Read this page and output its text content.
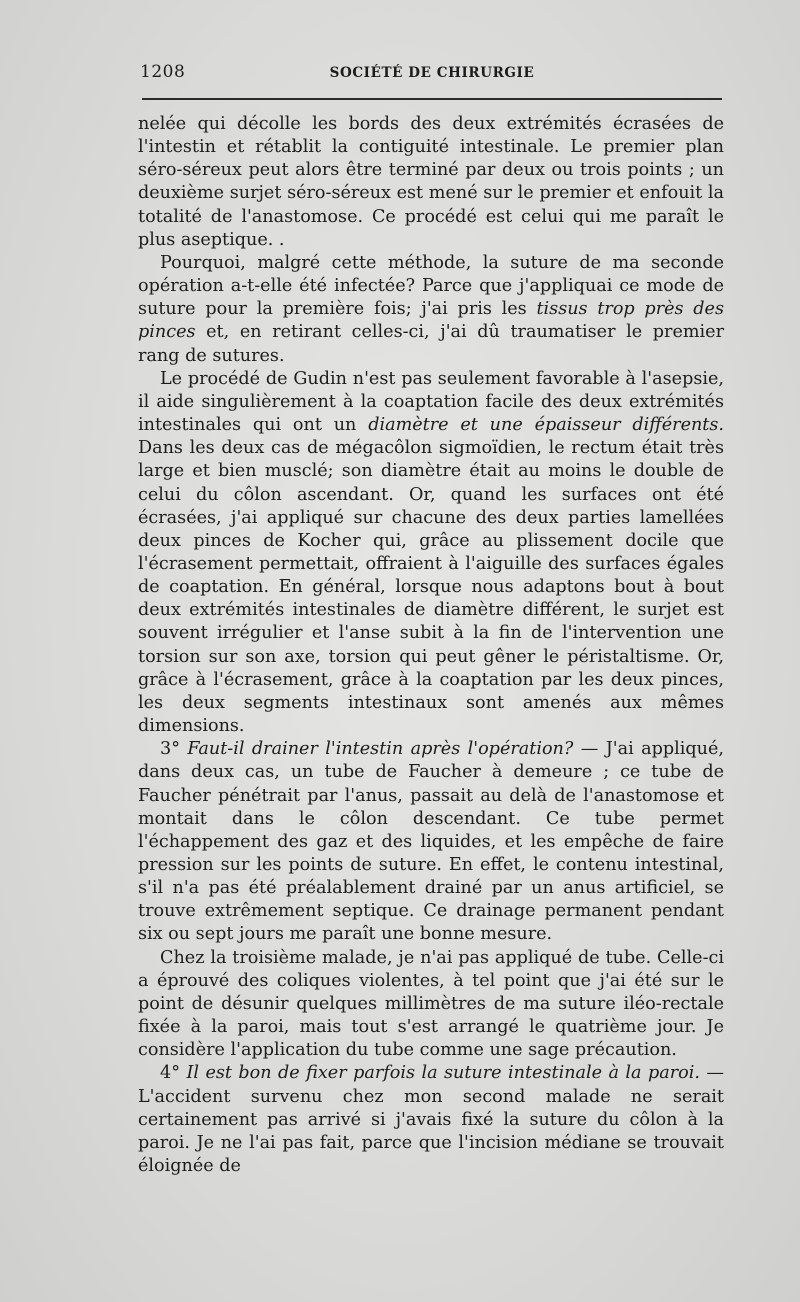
1208	SOCIÉTÉ DE CHIRURGIE

nelée qui décolle les bords des deux extrémités écrasées de l'intestin et rétablit la contiguité intestinale. Le premier plan séro-séreux peut alors être terminé par deux ou trois points ; un deuxième surjet séro-séreux est mené sur le premier et enfouit la totalité de l'anastomose. Ce procédé est celui qui me paraît le plus aseptique. .

Pourquoi, malgré cette méthode, la suture de ma seconde opération a-t-elle été infectée? Parce que j'appliquai ce mode de suture pour la première fois; j'ai pris les tissus trop près des pinces et, en retirant celles-ci, j'ai dû traumatiser le premier rang de sutures.

Le procédé de Gudin n'est pas seulement favorable à l'asepsie, il aide singulièrement à la coaptation facile des deux extrémités intestinales qui ont un diamètre et une épaisseur différents. Dans les deux cas de mégacôlon sigmoïdien, le rectum était très large et bien musclé; son diamètre était au moins le double de celui du côlon ascendant. Or, quand les surfaces ont été écrasées, j'ai appliqué sur chacune des deux parties lamellées deux pinces de Kocher qui, grâce au plissement docile que l'écrasement permettait, offraient à l'aiguille des surfaces égales de coaptation. En général, lorsque nous adaptons bout à bout deux extrémités intestinales de diamètre différent, le surjet est souvent irrégulier et l'anse subit à la fin de l'intervention une torsion sur son axe, torsion qui peut gêner le péristaltisme. Or, grâce à l'écrasement, grâce à la coaptation par les deux pinces, les deux segments intestinaux sont amenés aux mêmes dimensions.

3° Faut-il drainer l'intestin après l'opération? — J'ai appliqué, dans deux cas, un tube de Faucher à demeure ; ce tube de Faucher pénétrait par l'anus, passait au delà de l'anastomose et montait dans le côlon descendant. Ce tube permet l'échappement des gaz et des liquides, et les empêche de faire pression sur les points de suture. En effet, le contenu intestinal, s'il n'a pas été préalablement drainé par un anus artificiel, se trouve extrêmement septique. Ce drainage permanent pendant six ou sept jours me paraît une bonne mesure.

Chez la troisième malade, je n'ai pas appliqué de tube. Celle-ci a éprouvé des coliques violentes, à tel point que j'ai été sur le point de désunir quelques millimètres de ma suture iléo-rectale fixée à la paroi, mais tout s'est arrangé le quatrième jour. Je considère l'application du tube comme une sage précaution.

4° Il est bon de fixer parfois la suture intestinale à la paroi. — L'accident survenu chez mon second malade ne serait certainement pas arrivé si j'avais fixé la suture du côlon à la paroi. Je ne l'ai pas fait, parce que l'incision médiane se trouvait éloignée de
